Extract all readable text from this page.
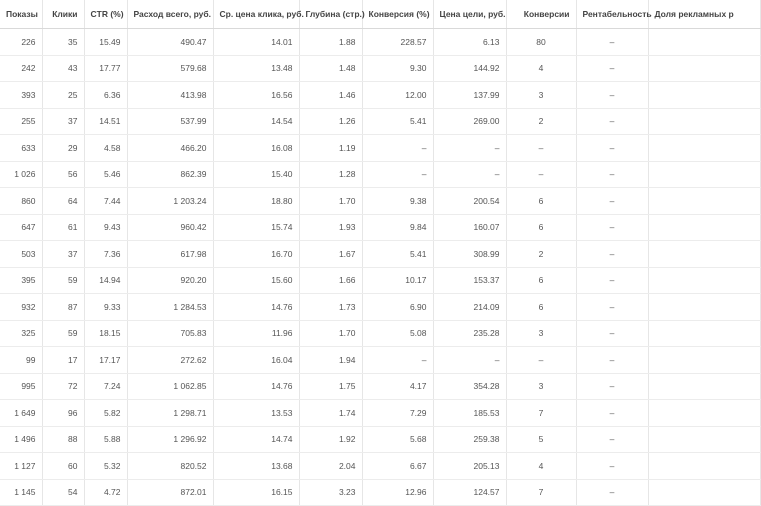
Показы	Клики	CTR (%)	Расход всего, руб.	Ср. цена клика, руб.	Глубина (стр.)	Конверсия (%)	Цена цели, руб.	Конверсии	Рентабельность	Доля рекламных р
226	35	15.49	490.47	14.01	1.88	228.57	6.13	80	–	
242	43	17.77	579.68	13.48	1.48	9.30	144.92	4	–	
393	25	6.36	413.98	16.56	1.46	12.00	137.99	3	–	
255	37	14.51	537.99	14.54	1.26	5.41	269.00	2	–	
633	29	4.58	466.20	16.08	1.19	–	–	–	–	
1 026	56	5.46	862.39	15.40	1.28	–	–	–	–	
860	64	7.44	1 203.24	18.80	1.70	9.38	200.54	6	–	
647	61	9.43	960.42	15.74	1.93	9.84	160.07	6	–	
503	37	7.36	617.98	16.70	1.67	5.41	308.99	2	–	
395	59	14.94	920.20	15.60	1.66	10.17	153.37	6	–	
932	87	9.33	1 284.53	14.76	1.73	6.90	214.09	6	–	
325	59	18.15	705.83	11.96	1.70	5.08	235.28	3	–	
99	17	17.17	272.62	16.04	1.94	–	–	–	–	
995	72	7.24	1 062.85	14.76	1.75	4.17	354.28	3	–	
1 649	96	5.82	1 298.71	13.53	1.74	7.29	185.53	7	–	
1 496	88	5.88	1 296.92	14.74	1.92	5.68	259.38	5	–	
1 127	60	5.32	820.52	13.68	2.04	6.67	205.13	4	–	
1 145	54	4.72	872.01	16.15	3.23	12.96	124.57	7	–	
